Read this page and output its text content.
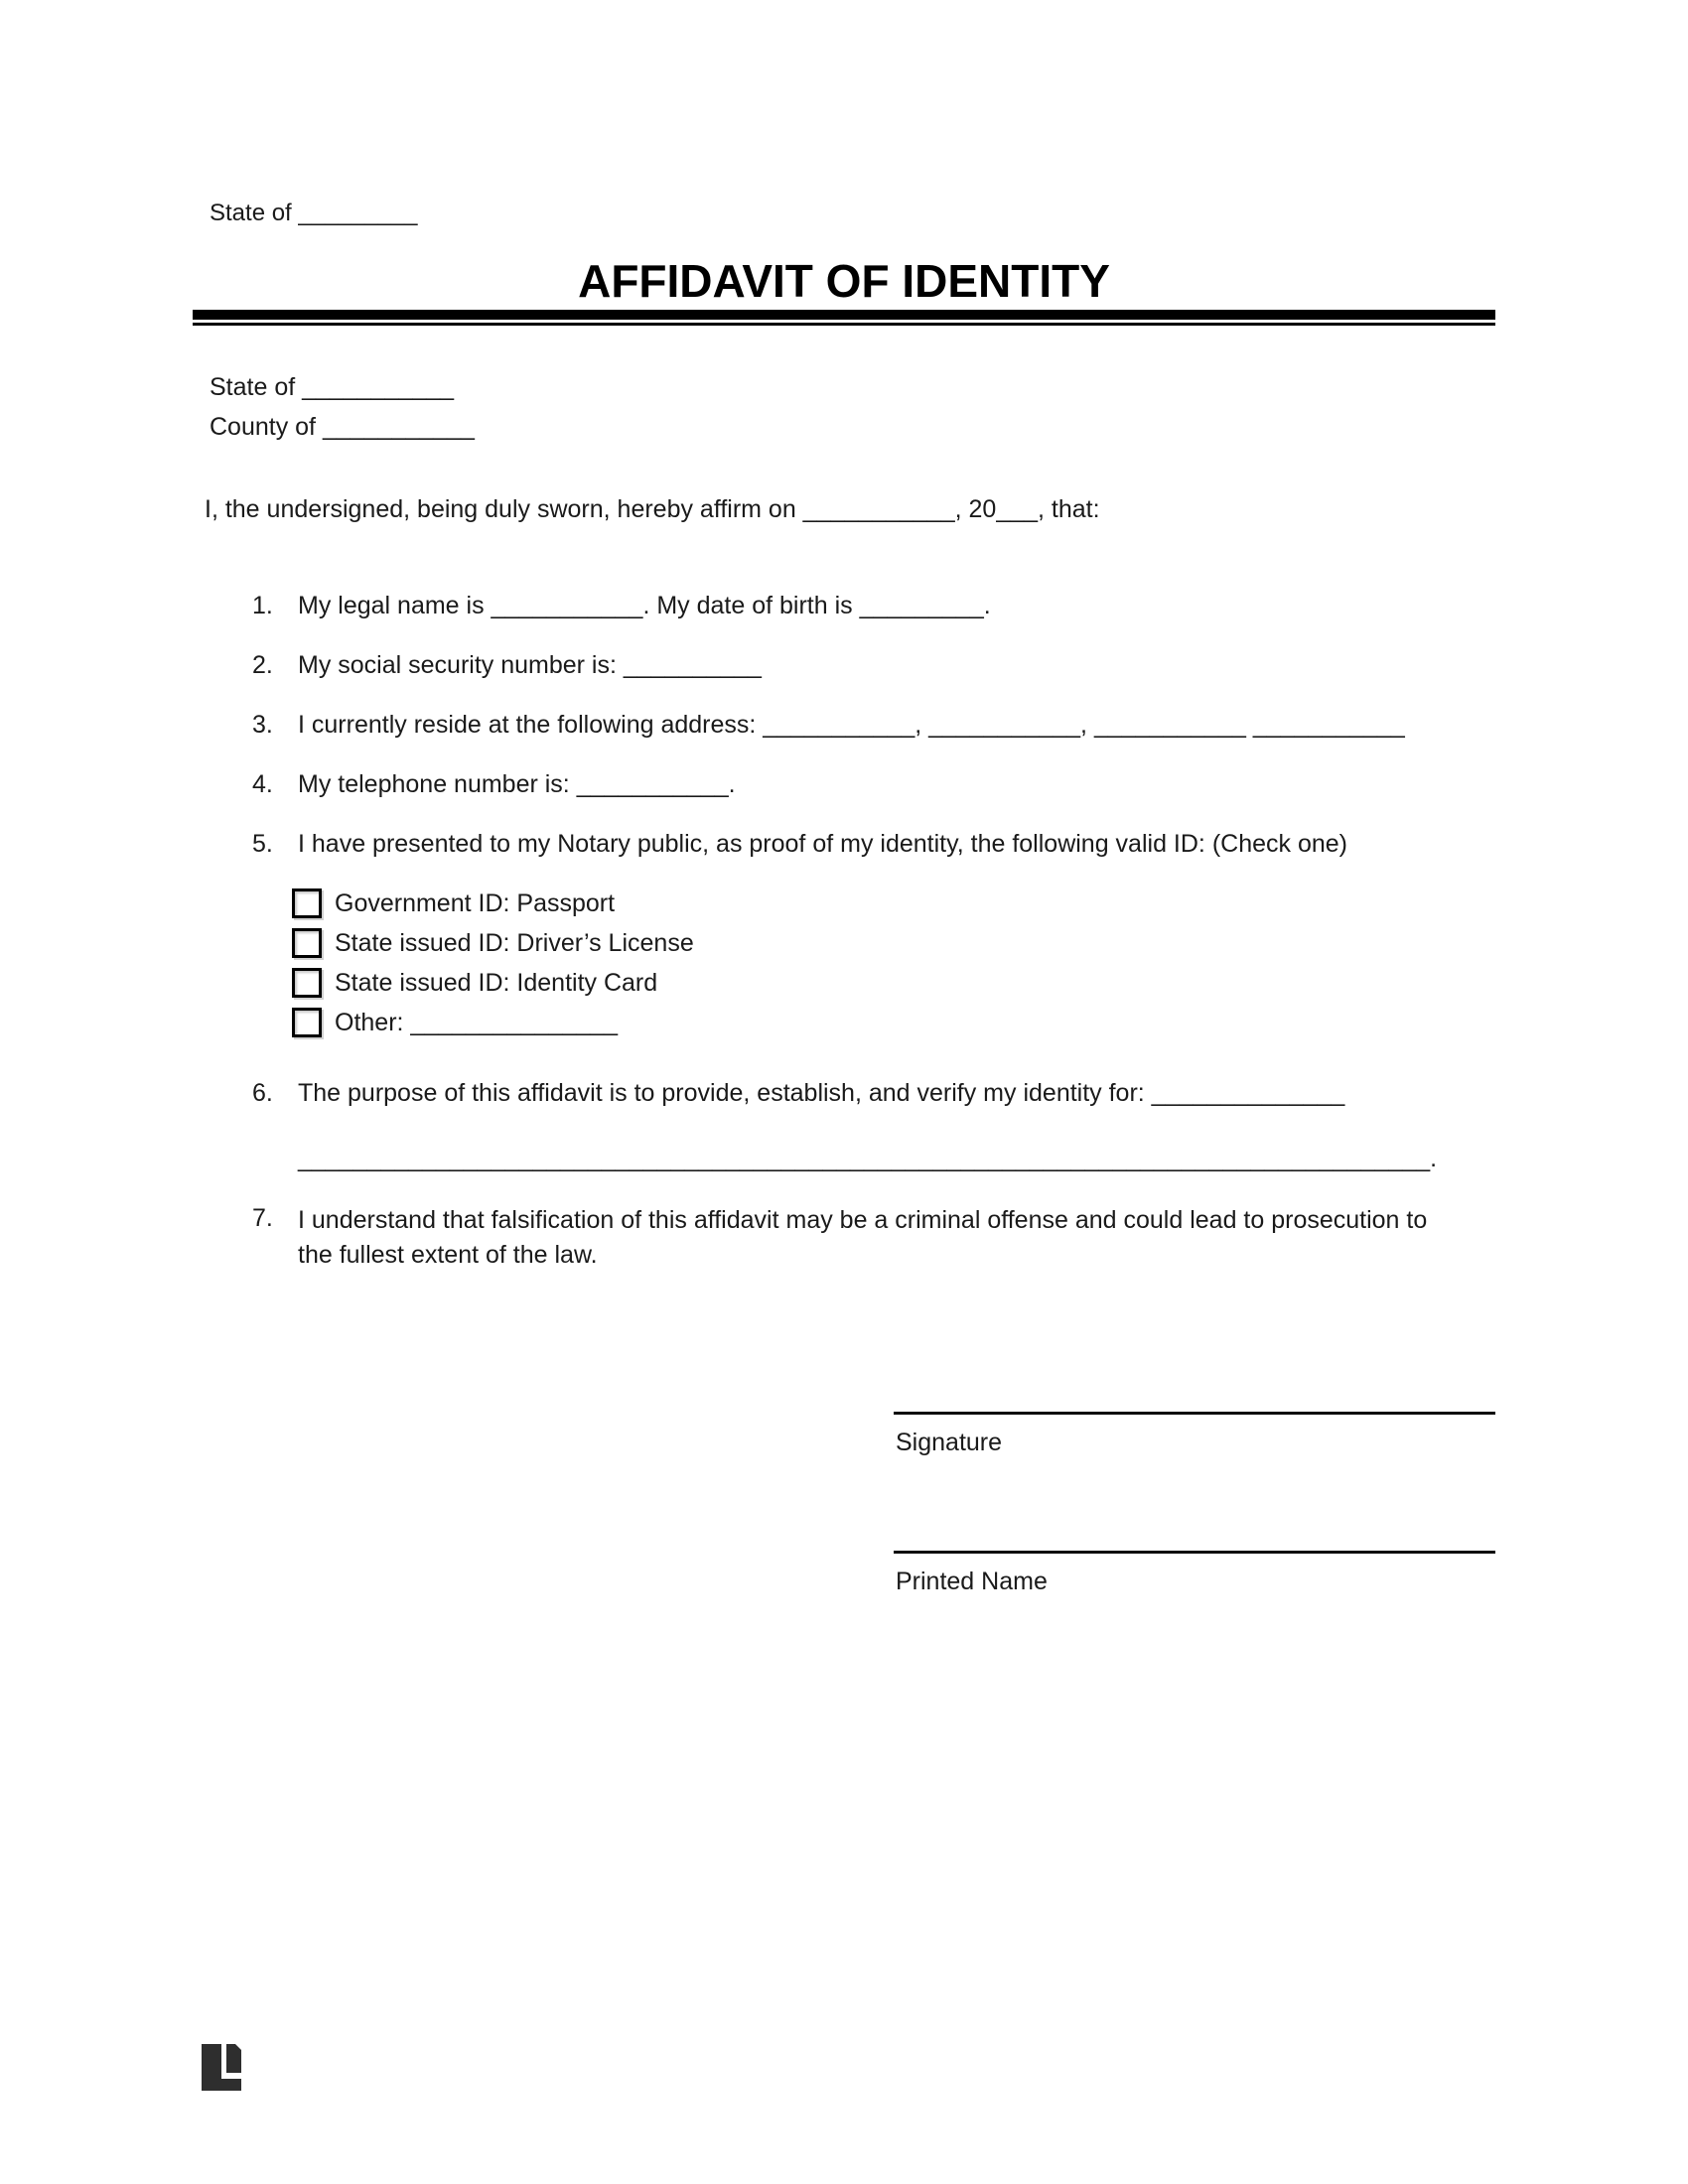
State of _________
AFFIDAVIT OF IDENTITY
State of ___________
County of ___________
I, the undersigned, being duly sworn, hereby affirm on ___________, 20___, that:
1.	My legal name is ___________. My date of birth is _________.
2.	My social security number is: __________
3.	I currently reside at the following address: ___________, ___________, ___________ ___________
4.	My telephone number is: ___________.
5.	I have presented to my Notary public, as proof of my identity, the following valid ID: (Check one)
Government ID: Passport
State issued ID: Driver’s License
State issued ID: Identity Card
Other: _______________
6.	The purpose of this affidavit is to provide, establish, and verify my identity for: ______________
__________________________________________________________________________________.
7.	I understand that falsification of this affidavit may be a criminal offense and could lead to prosecution to the fullest extent of the law.
Signature
Printed Name
